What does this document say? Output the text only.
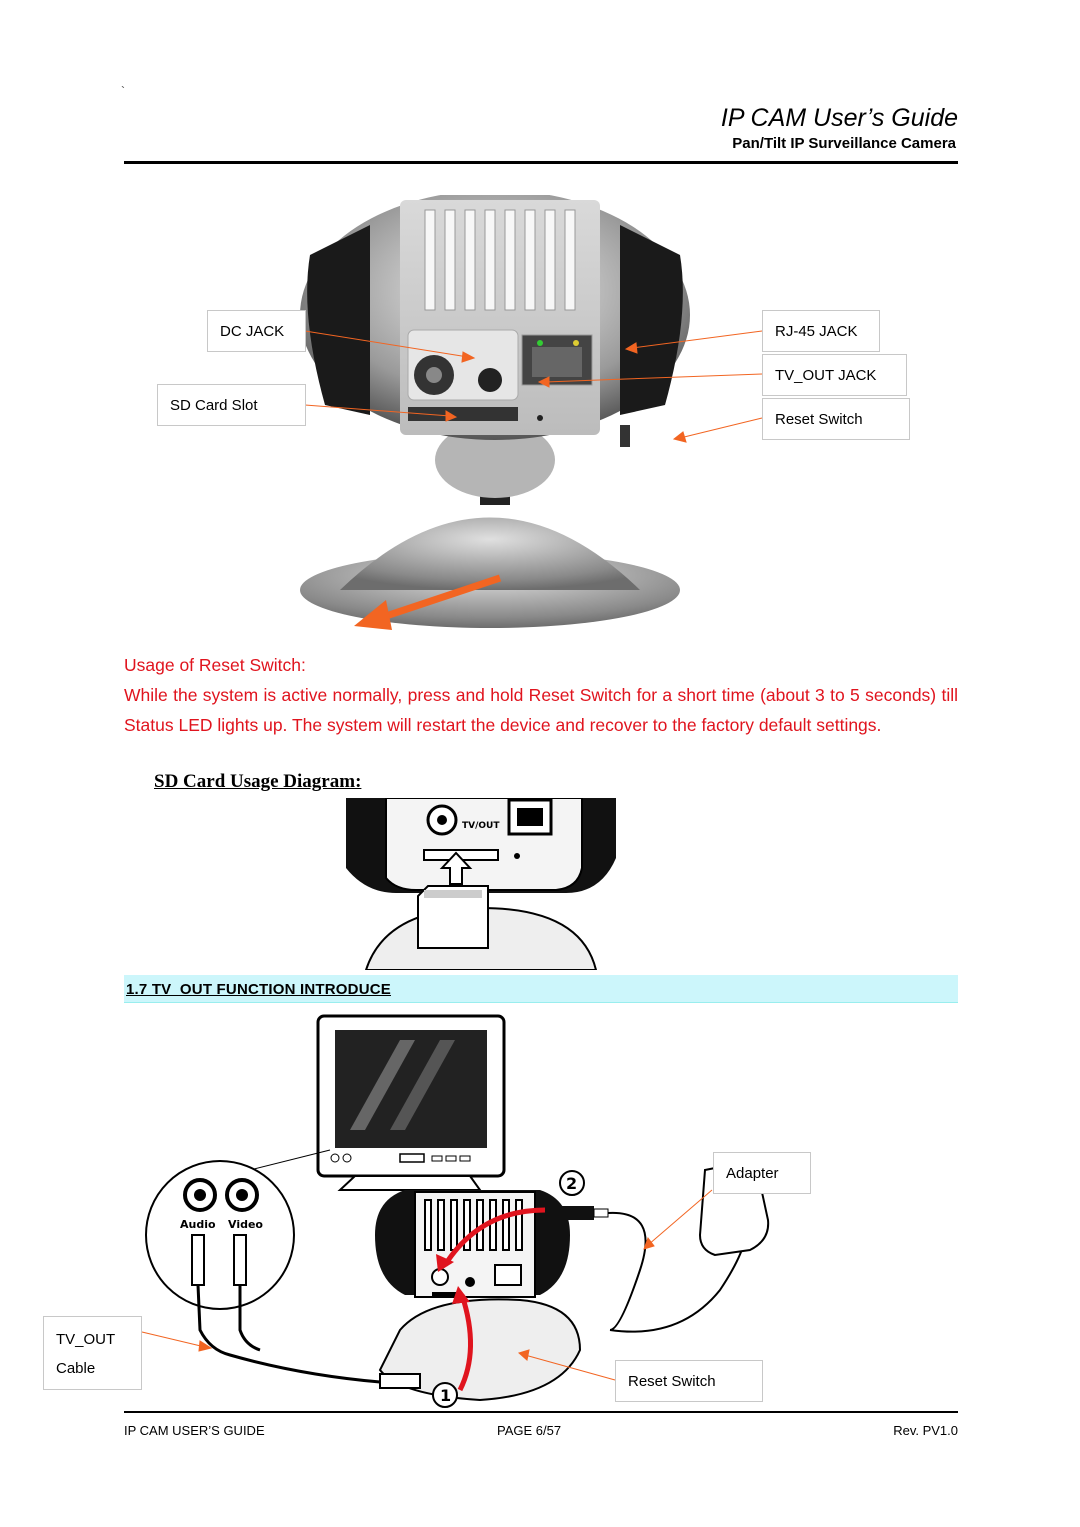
`
IP CAM User’s Guide
Pan/Tilt IP Surveillance Camera
DC JACK
SD Card Slot
RJ-45 JACK
TV_OUT JACK
Reset Switch
Usage of Reset Switch:
While the system is active normally, press and hold Reset Switch for a short time (about 3 to 5 seconds) till Status LED lights up. The system will restart the device and recover to the factory default settings.
SD Card Usage Diagram:
TV/OUT
1.7 TV_OUT FUNCTION INTRODUCE
Audio Video
2
1
Adapter
TV_OUT
Cable
Reset Switch
IP CAM USER’S GUIDE	PAGE 6/57	Rev. PV1.0
